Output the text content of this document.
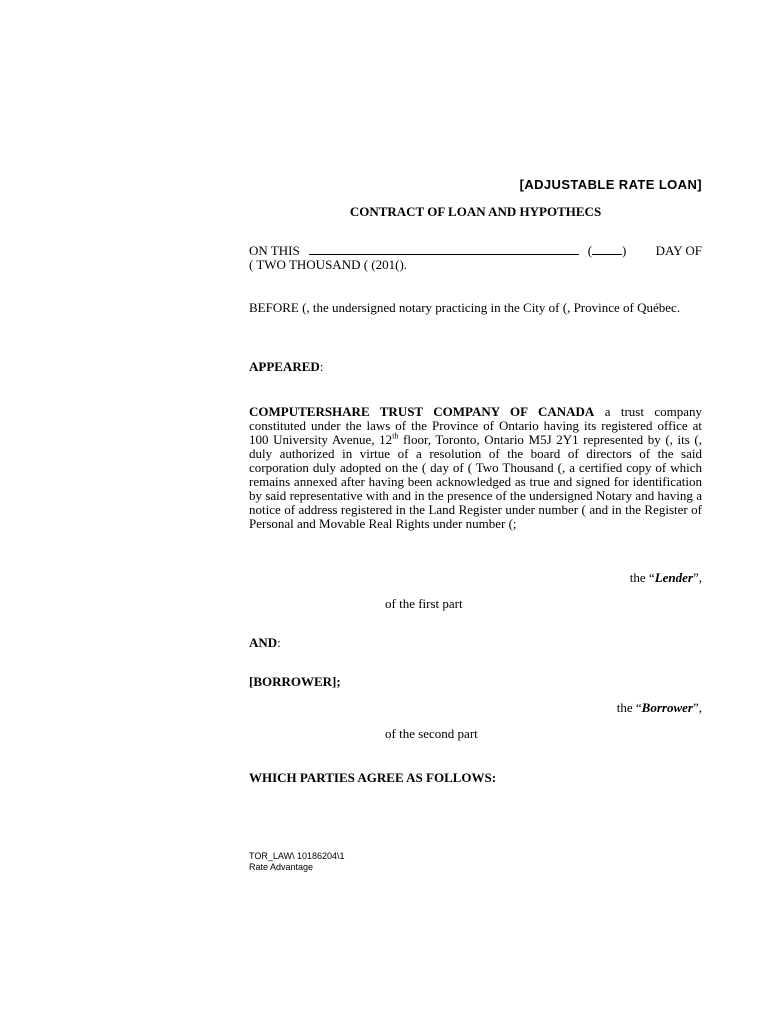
[ADJUSTABLE RATE LOAN]
CONTRACT OF LOAN AND HYPOTHECS
ON THIS	( ) DAY OF
( TWO THOUSAND ( (201().
BEFORE (, the undersigned notary practicing in the City of (, Province of Québec.
APPEARED:
COMPUTERSHARE TRUST COMPANY OF CANADA a trust company constituted under the laws of the Province of Ontario having its registered office at 100 University Avenue, 12th floor, Toronto, Ontario M5J 2Y1 represented by (, its (, duly authorized in virtue of a resolution of the board of directors of the said corporation duly adopted on the ( day of ( Two Thousand (, a certified copy of which remains annexed after having been acknowledged as true and signed for identification by said representative with and in the presence of the undersigned Notary and having a notice of address registered in the Land Register under number ( and in the Register of Personal and Movable Real Rights under number (;
the “Lender”,
of the first part
AND:
[BORROWER];
the “Borrower”,
of the second part
WHICH PARTIES AGREE AS FOLLOWS:
TOR_LAW\ 10186204\1
Rate Advantage
